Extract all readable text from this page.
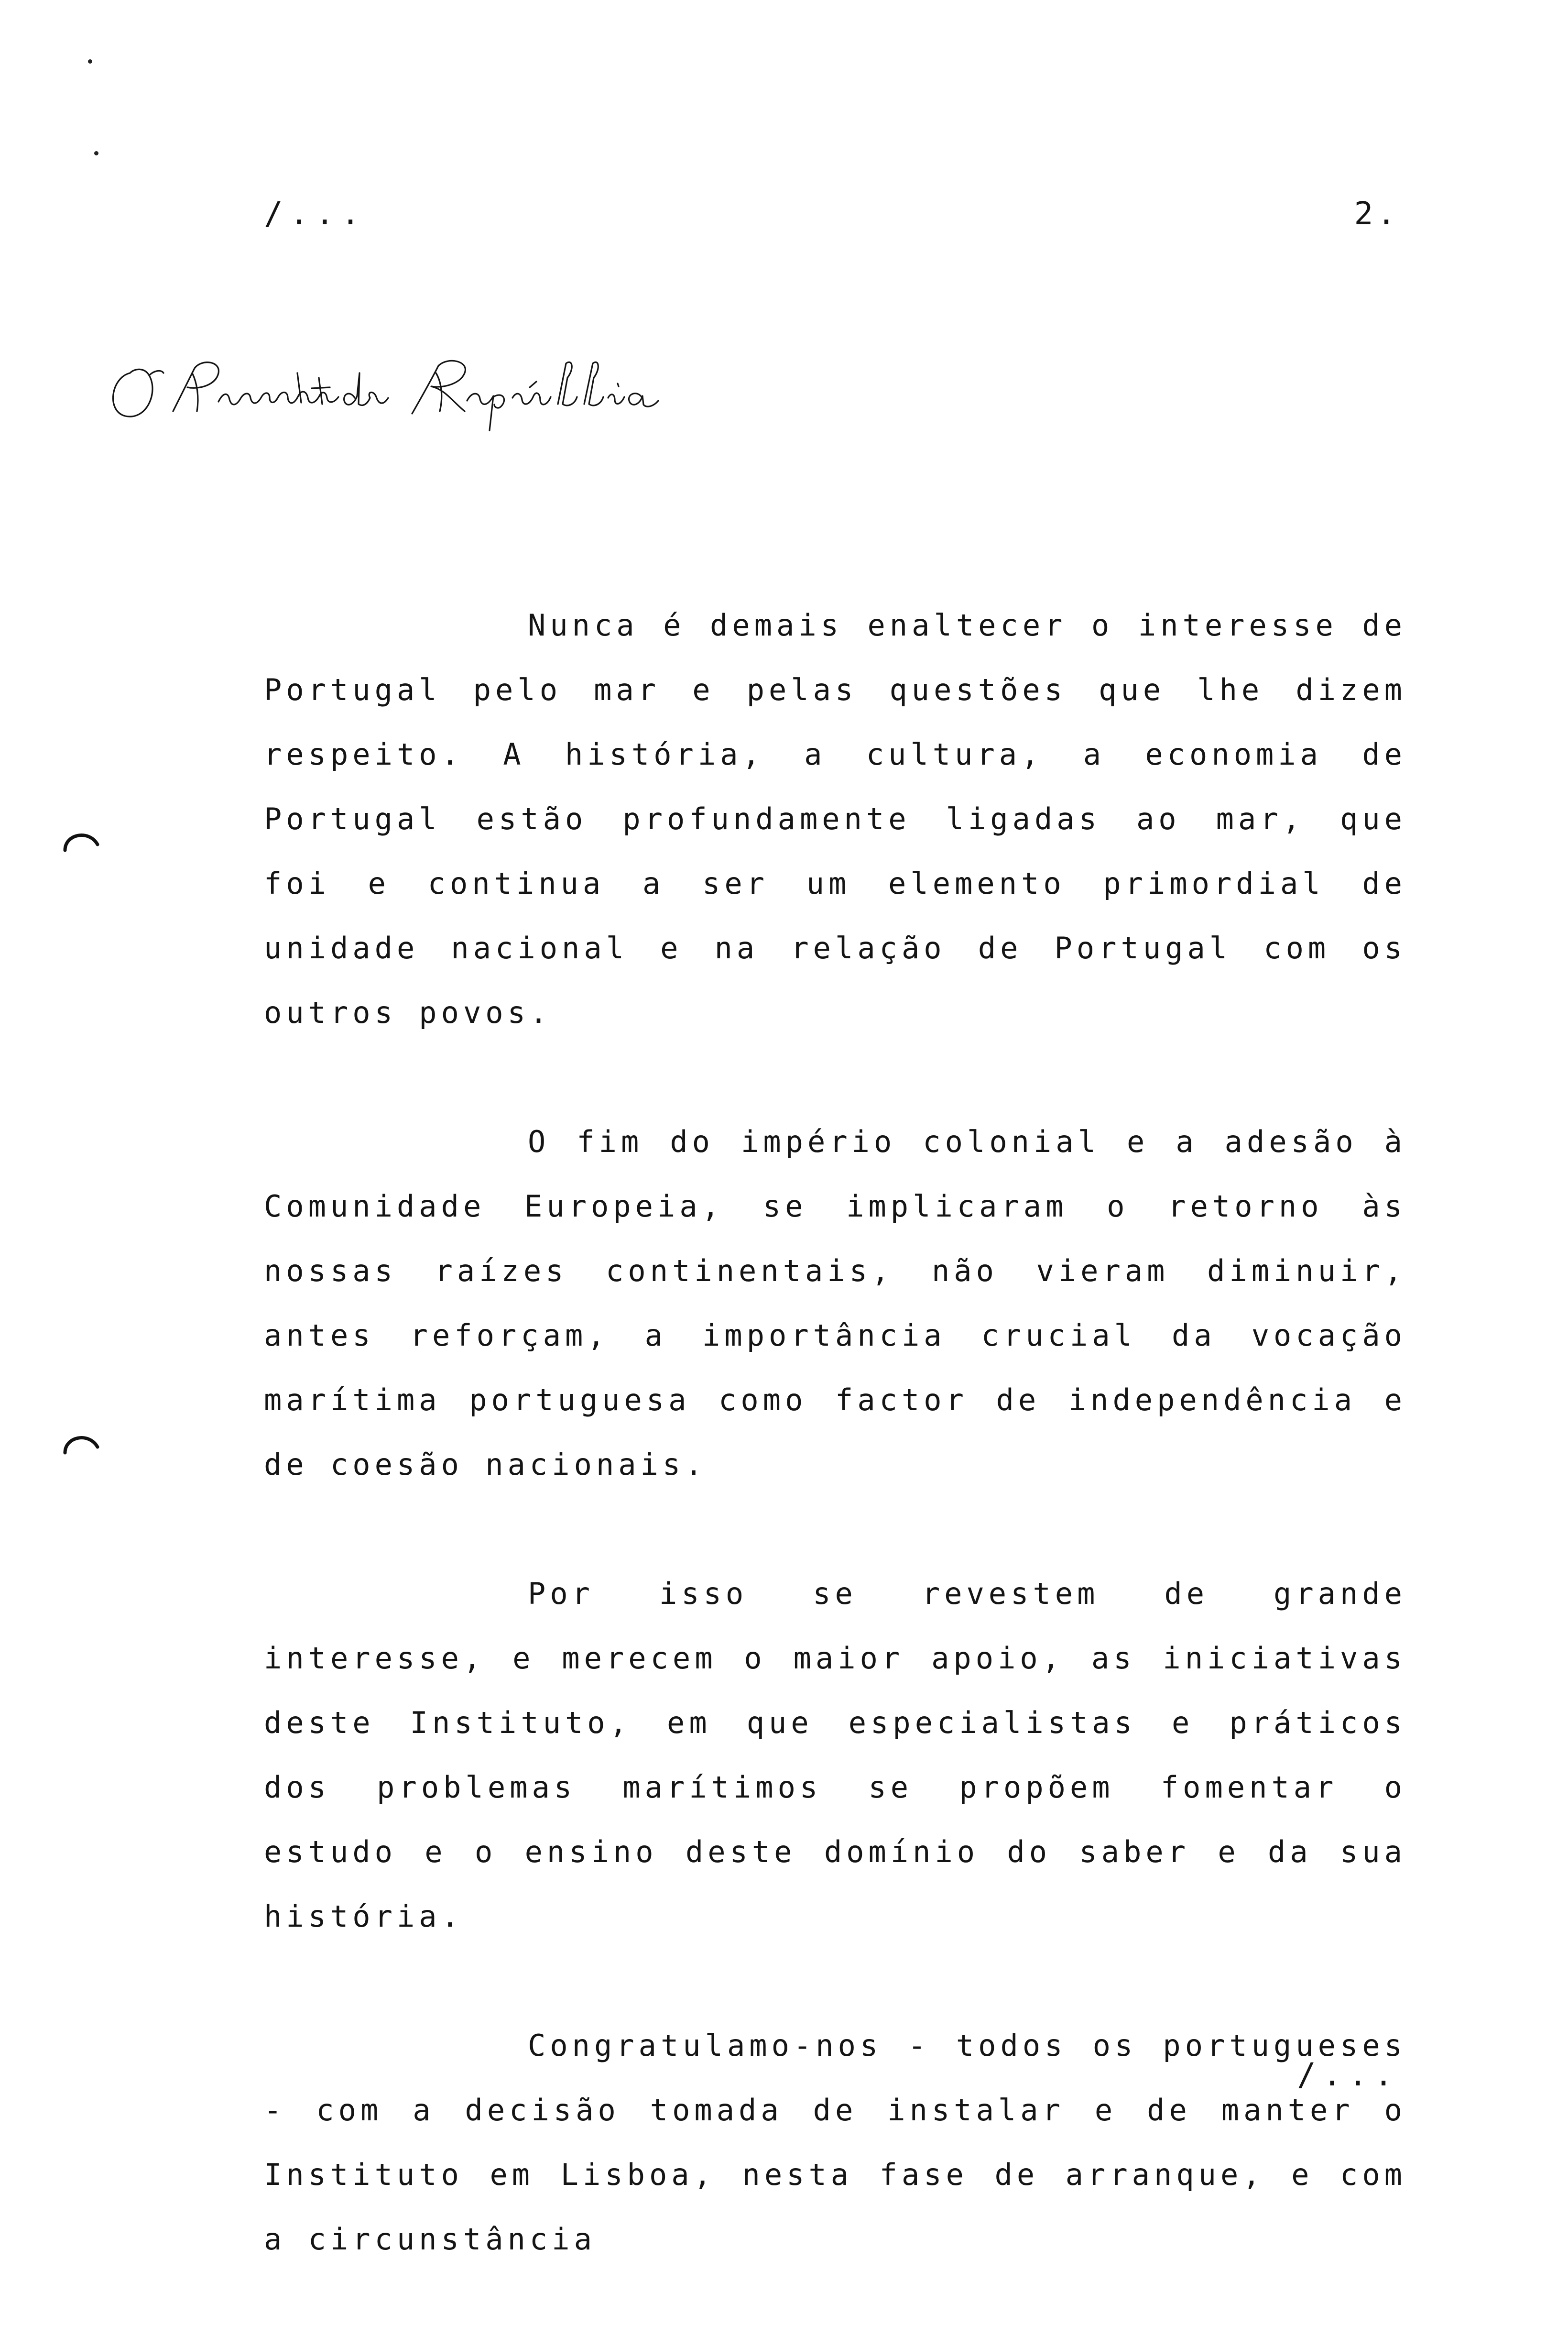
/...	2.

Nunca é demais enaltecer o interesse de Portugal pelo mar e pelas questões que lhe dizem respeito. A história, a cultura, a economia de Portugal estão profundamente ligadas ao mar, que foi e continua a ser um elemento primordial de unidade nacional e na relação de Portugal com os outros povos.

O fim do império colonial e a adesão à Comunidade Europeia, se implicaram o retorno às nossas raízes continentais, não vieram diminuir, antes reforçam, a importância crucial da vocação marítima portuguesa como factor de independência e de coesão nacionais.

Por isso se revestem de grande interesse, e merecem o maior apoio, as iniciativas deste Instituto, em que especialistas e práticos dos problemas marítimos se propõem fomentar o estudo e o ensino deste domínio do saber e da sua história.

Congratulamo-nos - todos os portugueses - com a decisão tomada de instalar e de manter o Instituto em Lisboa, nesta fase de arranque, e com a circunstância

/...
